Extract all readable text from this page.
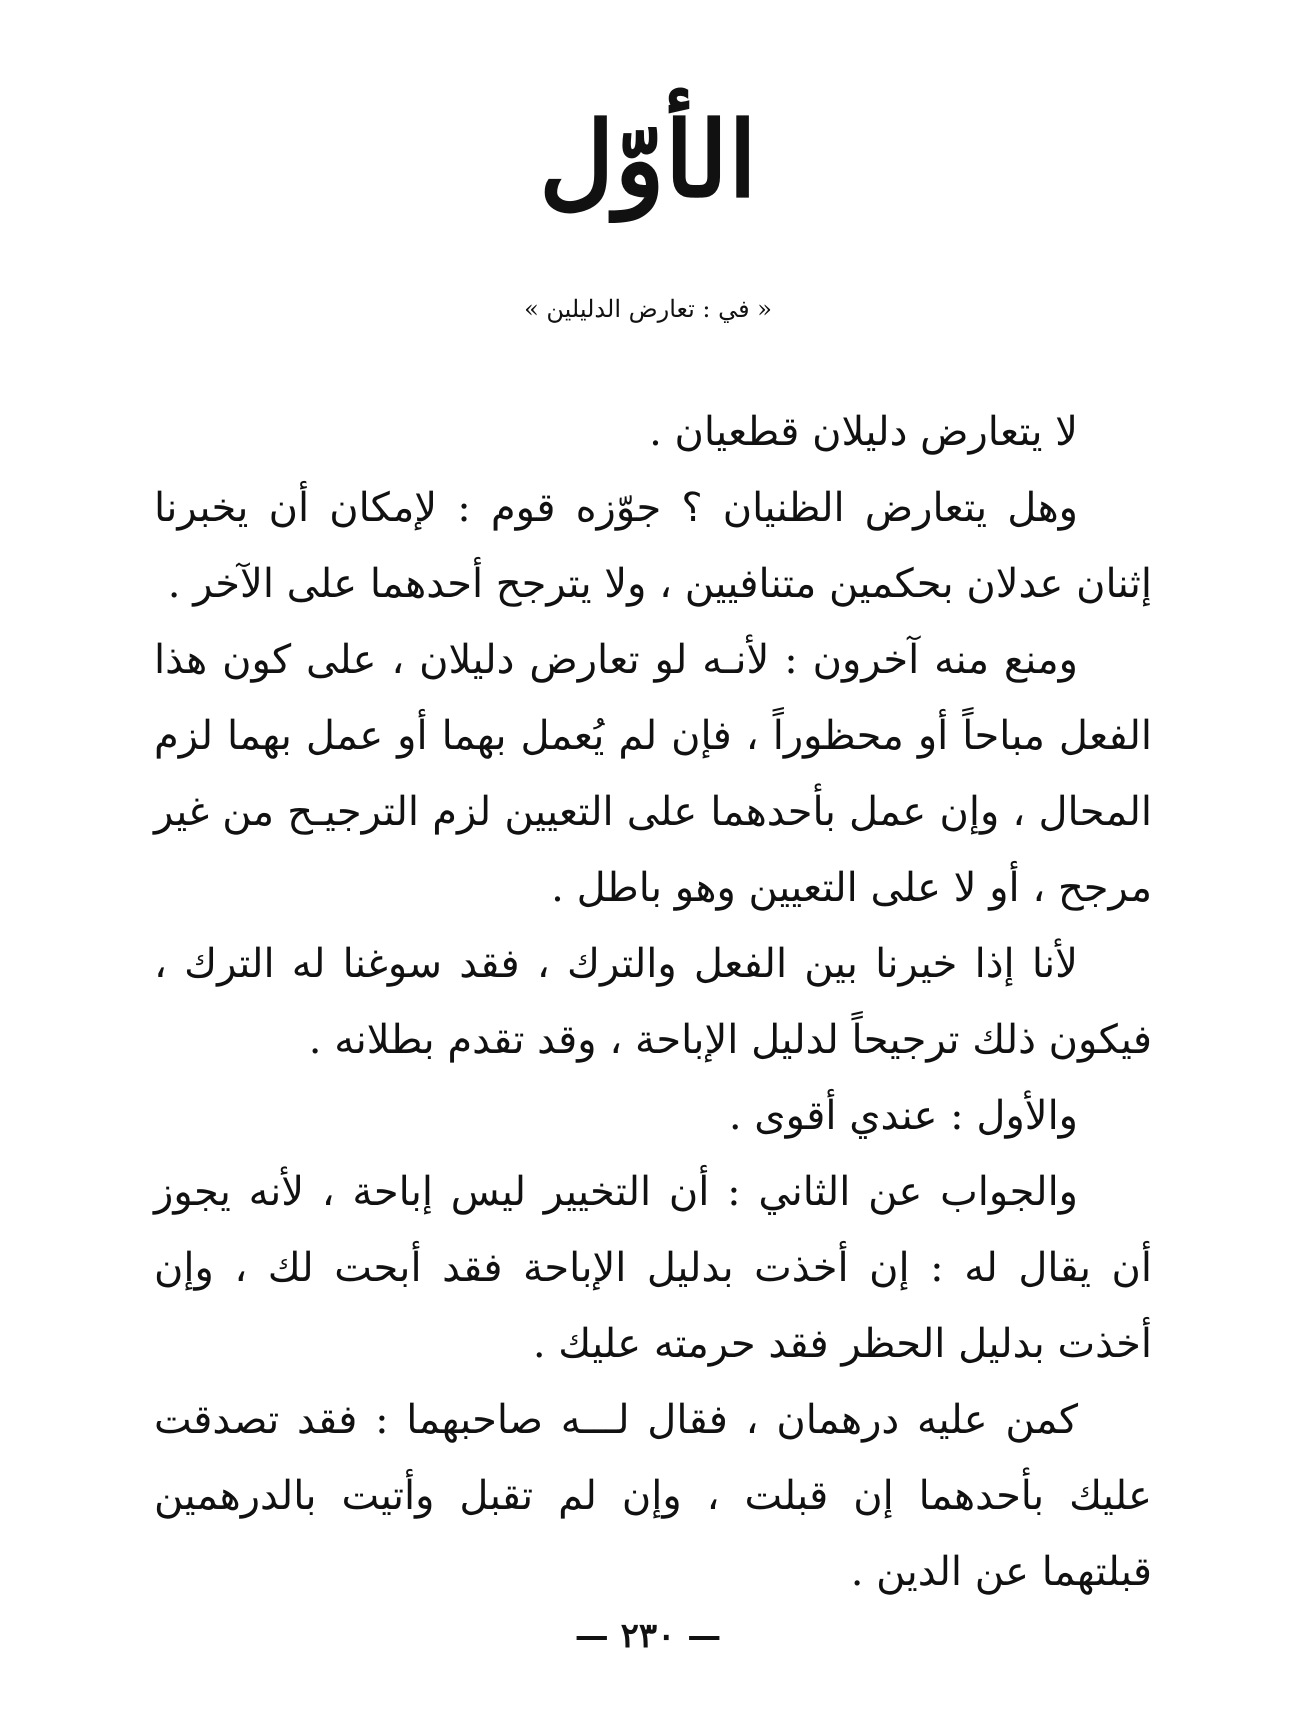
الأوّل
« في : تعارض الدليلين »

لا يتعارض دليلان قطعيان .

وهل يتعارض الظنيان ؟ جوّزه قوم : لإمكان أن يخبرنا إثنان عدلان بحكمين متنافيين ، ولا يترجح أحدهما على الآخر .

ومنع منه آخرون : لأنـه لو تعارض دليلان ، على كون هذا الفعل مباحاً أو محظوراً ، فإن لم يُعمل بهما أو عمل بهما لزم المحال ، وإن عمل بأحدهما على التعيين لزم الترجيـح من غير مرجح ، أو لا على التعيين وهو باطل .

لأنا إذا خيرنا بين الفعل والترك ، فقد سوغنا له الترك ، فيكون ذلك ترجيحاً لدليل الإباحة ، وقد تقدم بطلانه .

والأول : عندي أقوى .

والجواب عن الثاني : أن التخيير ليس إباحة ، لأنه يجوز أن يقال له : إن أخذت بدليل الإباحة فقد أبحت لك ، وإن أخذت بدليل الحظر فقد حرمته عليك .

كمن عليه درهمان ، فقال لـــه صاحبهما : فقد تصدقت عليك بأحدهما إن قبلت ، وإن لم تقبل وأتيت بالدرهمين قبلتهما عن الدين .

— ٢٣٠ —
